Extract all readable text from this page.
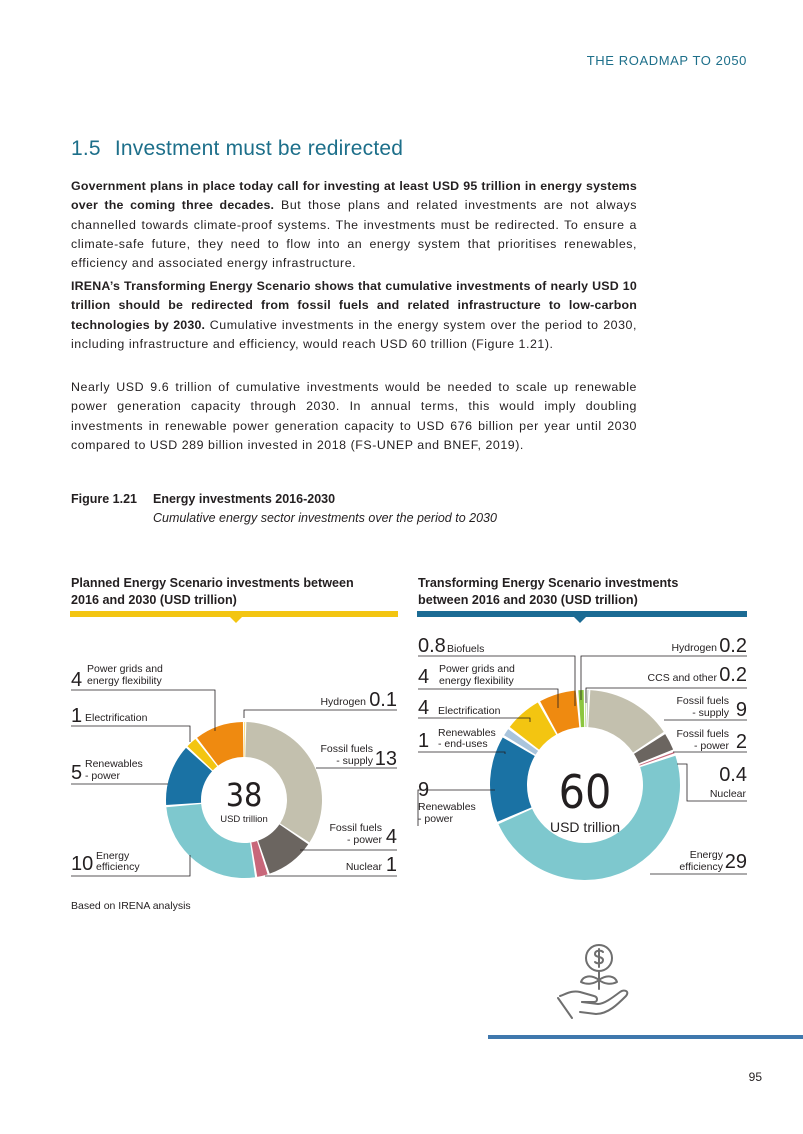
THE ROADMAP TO 2050
1.5 Investment must be redirected
Government plans in place today call for investing at least USD 95 trillion in energy systems over the coming three decades. But those plans and related investments are not always channelled towards climate-proof systems. The investments must be redirected. To ensure a climate-safe future, they need to flow into an energy system that prioritises renewables, efficiency and associated energy infrastructure.
IRENA’s Transforming Energy Scenario shows that cumulative investments of nearly USD 10 trillion should be redirected from fossil fuels and related infrastructure to low-carbon technologies by 2030. Cumulative investments in the energy system over the period to 2030, including infrastructure and efficiency, would reach USD 60 trillion (Figure 1.21).
Nearly USD 9.6 trillion of cumulative investments would be needed to scale up renewable power generation capacity through 2030. In annual terms, this would imply doubling investments in renewable power generation capacity to USD 676 billion per year until 2030 compared to USD 289 billion invested in 2018 (FS-UNEP and BNEF, 2019).
Figure 1.21 Energy investments 2016-2030
Cumulative energy sector investments over the period to 2030
Planned Energy Scenario investments between 2016 and 2030 (USD trillion)
Transforming Energy Scenario investments between 2016 and 2030 (USD trillion)
0.1
13
4
1
10
5
1
4
Hydrogen
Fossil fuels
- supply
Fossil fuels
- power
Nuclear
Energy
efficiency
Renewables
- power
Electrification
Power grids and
energy flexibility
38
USD trillion
0.8
4
4
1
9
0.2
0.2
9
2
0.4
29
Biofuels
Power grids and
energy flexibility
Electrification
Renewables
- end-uses
Renewables
- power
Hydrogen
CCS and other
Fossil fuels
- supply
Fossil fuels
- power
Nuclear
Energy
efficiency
60
USD trillion
Based on IRENA analysis
95
